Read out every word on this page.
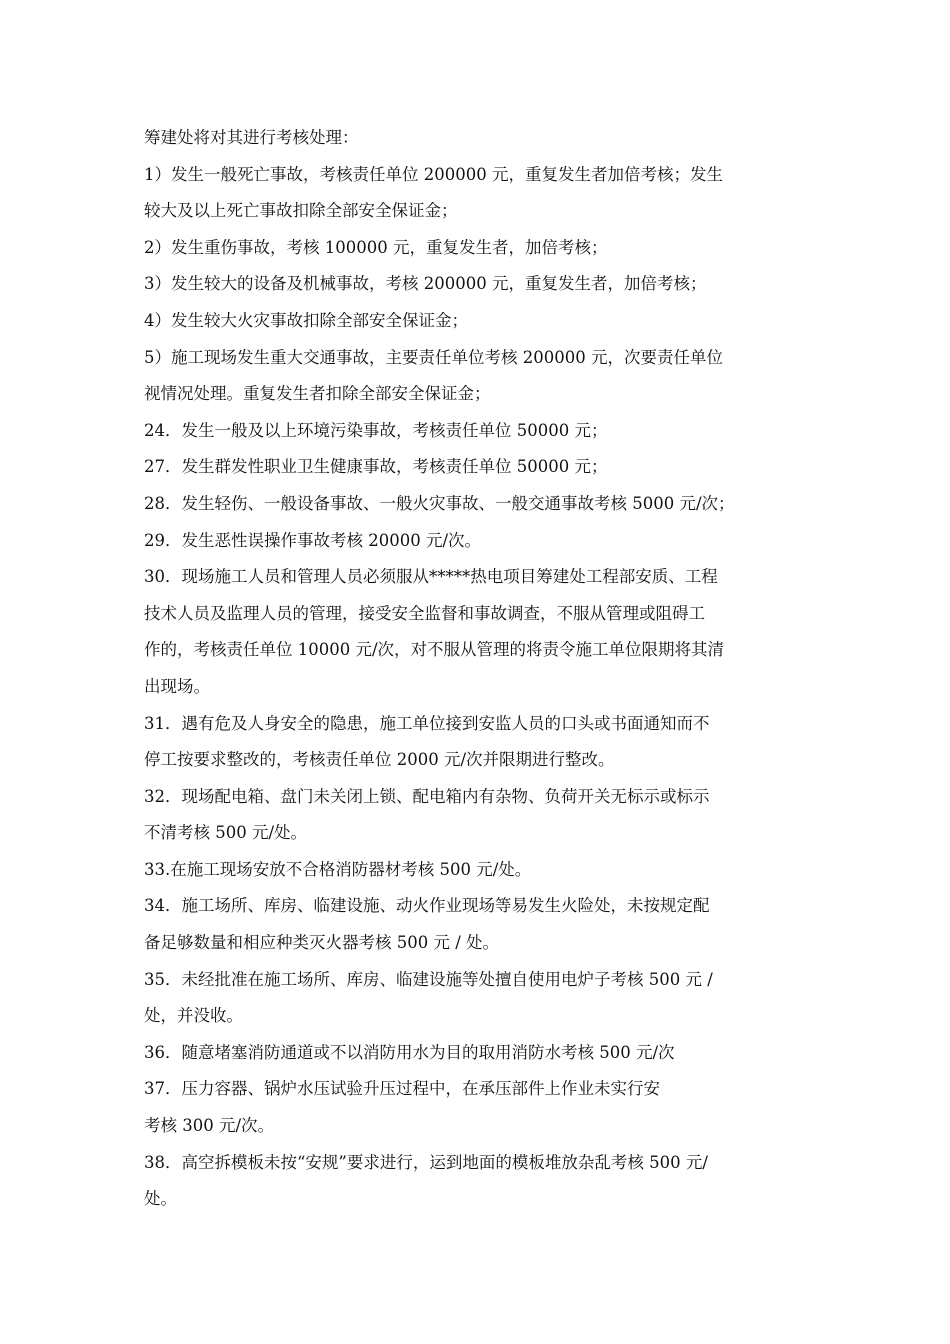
筹建处将对其进行考核处理：
1）发生一般死亡事故，考核责任单位 200000 元，重复发生者加倍考核；发生
较大及以上死亡事故扣除全部安全保证金；
2）发生重伤事故，考核 100000 元，重复发生者，加倍考核；
3）发生较大的设备及机械事故，考核 200000 元，重复发生者，加倍考核；
4）发生较大火灾事故扣除全部安全保证金；
5）施工现场发生重大交通事故，主要责任单位考核 200000 元，次要责任单位
视情况处理。重复发生者扣除全部安全保证金；
24．发生一般及以上环境污染事故，考核责任单位 50000 元；
27．发生群发性职业卫生健康事故，考核责任单位 50000 元；
28．发生轻伤、一般设备事故、一般火灾事故、一般交通事故考核 5000 元/次；
29．发生恶性误操作事故考核 20000 元/次。
30．现场施工人员和管理人员必须服从*****热电项目筹建处工程部安质、工程
技术人员及监理人员的管理，接受安全监督和事故调查，不服从管理或阻碍工
作的，考核责任单位 10000 元/次，对不服从管理的将责令施工单位限期将其清
出现场。
31．遇有危及人身安全的隐患，施工单位接到安监人员的口头或书面通知而不
停工按要求整改的，考核责任单位 2000 元/次并限期进行整改。
32．现场配电箱、盘门未关闭上锁、配电箱内有杂物、负荷开关无标示或标示
不清考核 500 元/处。
33.在施工现场安放不合格消防器材考核 500 元/处。
34．施工场所、库房、临建设施、动火作业现场等易发生火险处，未按规定配
备足够数量和相应种类灭火器考核 500 元 / 处。
35．未经批准在施工场所、库房、临建设施等处擅自使用电炉子考核 500 元 /
处，并没收。
36．随意堵塞消防通道或不以消防用水为目的取用消防水考核 500 元/次
37．压力容器、锅炉水压试验升压过程中，在承压部件上作业未实行安
考核 300 元/次。
38．高空拆模板未按“安规”要求进行，运到地面的模板堆放杂乱考核 500 元/
处。
